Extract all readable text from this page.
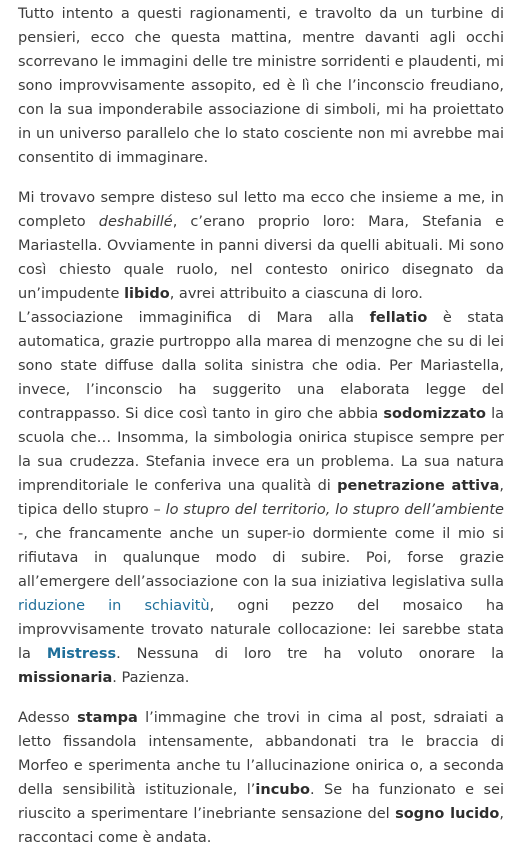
Tutto intento a questi ragionamenti, e travolto da un turbine di pensieri, ecco che questa mattina, mentre davanti agli occhi scorrevano le immagini delle tre ministre sorridenti e plaudenti, mi sono improvvisamente assopito, ed è lì che l’inconscio freudiano, con la sua imponderabile associazione di simboli, mi ha proiettato in un universo parallelo che lo stato cosciente non mi avrebbe mai consentito di immaginare.

Mi trovavo sempre disteso sul letto ma ecco che insieme a me, in completo deshabillé, c’erano proprio loro: Mara, Stefania e Mariastella. Ovviamente in panni diversi da quelli abituali. Mi sono così chiesto quale ruolo, nel contesto onirico disegnato da un’impudente libido, avrei attribuito a ciascuna di loro.

L’associazione immaginifica di Mara alla fellatio è stata automatica, grazie purtroppo alla marea di menzogne che su di lei sono state diffuse dalla solita sinistra che odia. Per Mariastella, invece, l’inconscio ha suggerito una elaborata legge del contrappasso. Si dice così tanto in giro che abbia sodomizzato la scuola che… Insomma, la simbologia onirica stupisce sempre per la sua crudezza. Stefania invece era un problema. La sua natura imprenditoriale le conferiva una qualità di penetrazione attiva, tipica dello stupro – lo stupro del territorio, lo stupro dell’ambiente -, che francamente anche un super-io dormiente come il mio si rifiutava in qualunque modo di subire. Poi, forse grazie all’emergere dell’associazione con la sua iniziativa legislativa sulla riduzione in schiavitù, ogni pezzo del mosaico ha improvvisamente trovato naturale collocazione: lei sarebbe stata la Mistress. Nessuna di loro tre ha voluto onorare la missionaria. Pazienza.

Adesso stampa l’immagine che trovi in cima al post, sdraiati a letto fissandola intensamente, abbandonati tra le braccia di Morfeo e sperimenta anche tu l’allucinazione onirica o, a seconda della sensibilità istituzionale, l’incubo. Se ha funzionato e sei riuscito a sperimentare l’inebriante sensazione del sogno lucido, raccontaci come è andata.
